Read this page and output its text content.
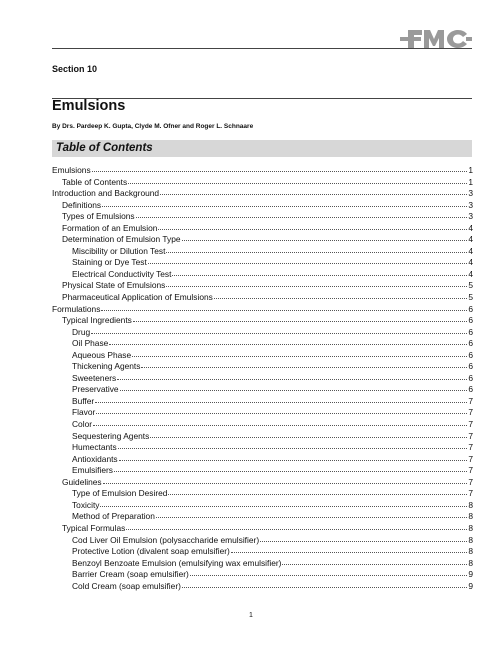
Section 10
Emulsions
By Drs. Pardeep K. Gupta, Clyde M. Ofner and Roger L. Schnaare
Table of Contents
Emulsions	1
Table of Contents	1
Introduction and Background	3
Definitions	3
Types of Emulsions	3
Formation of an Emulsion	4
Determination of Emulsion Type	4
Miscibility or Dilution Test	4
Staining or Dye Test	4
Electrical Conductivity Test	4
Physical State of Emulsions	5
Pharmaceutical Application of Emulsions	5
Formulations	6
Typical Ingredients	6
Drug	6
Oil Phase	6
Aqueous Phase	6
Thickening Agents	6
Sweeteners	6
Preservative	6
Buffer	7
Flavor	7
Color	7
Sequestering Agents	7
Humectants	7
Antioxidants	7
Emulsifiers	7
Guidelines	7
Type of Emulsion Desired	7
Toxicity	8
Method of Preparation	8
Typical Formulas	8
Cod Liver Oil Emulsion (polysaccharide emulsifier)	8
Protective Lotion (divalent soap emulsifier)	8
Benzoyl Benzoate Emulsion (emulsifying wax emulsifier)	8
Barrier Cream (soap emulsifier)	9
Cold Cream (soap emulsifier)	9
1
